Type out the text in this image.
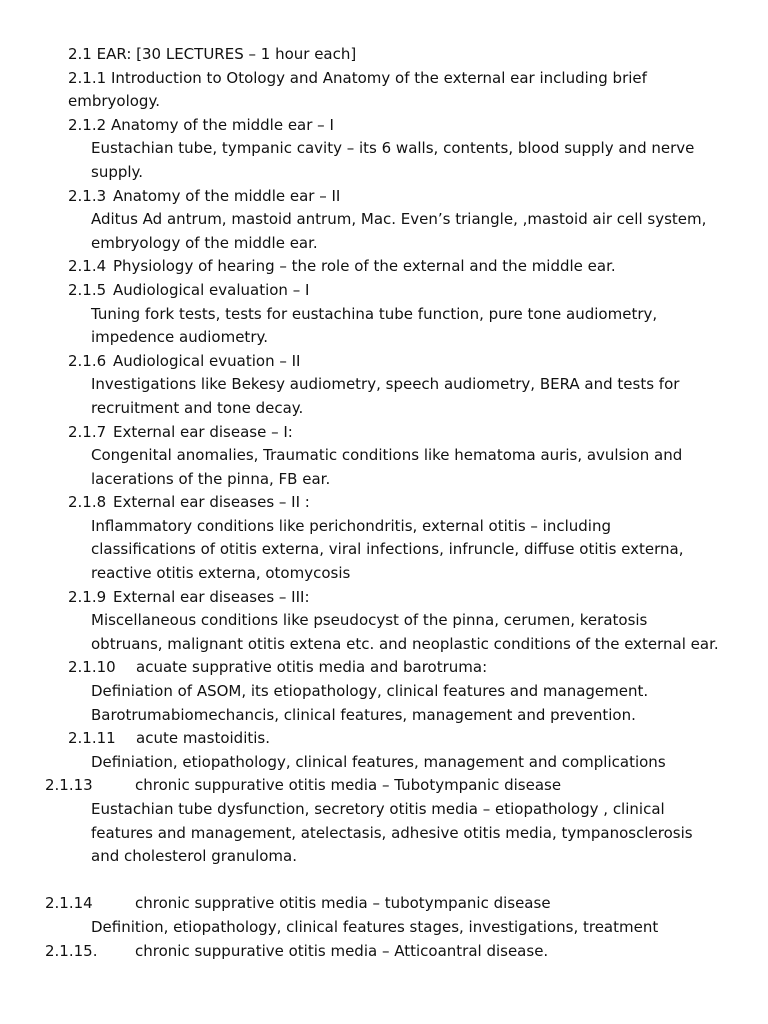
2.1 EAR: [30 LECTURES – 1 hour each]
2.1.1 Introduction to Otology and Anatomy of the external ear including brief
embryology.
2.1.2 Anatomy of the middle ear – I
Eustachian tube, tympanic cavity – its 6 walls, contents, blood supply and nerve
supply.
2.1.3 Anatomy of the middle ear – II
Aditus Ad antrum, mastoid antrum, Mac. Even’s triangle, ,mastoid air cell system,
embryology of the middle ear.
2.1.4 Physiology of hearing – the role of the external and the middle ear.
2.1.5 Audiological evaluation – I
Tuning fork tests, tests for eustachina tube function, pure tone audiometry,
impedence audiometry.
2.1.6 Audiological evuation – II
Investigations like Bekesy audiometry, speech audiometry, BERA and tests for
recruitment and tone decay.
2.1.7 External ear disease – I:
Congenital anomalies, Traumatic conditions like hematoma auris, avulsion and
lacerations of the pinna, FB ear.
2.1.8 External ear diseases – II :
Inflammatory conditions like perichondritis, external otitis – including
classifications of otitis externa, viral infections, infruncle, diffuse otitis externa,
reactive otitis externa, otomycosis
2.1.9 External ear diseases – III:
Miscellaneous conditions like pseudocyst of the pinna, cerumen, keratosis
obtruans, malignant otitis extena etc. and neoplastic conditions of the external ear.
2.1.10 acuate supprative otitis media and barotruma:
Definiation of ASOM, its etiopathology, clinical features and management.
Barotrumabiomechancis, clinical features, management and prevention.
2.1.11 acute mastoiditis.
Definiation, etiopathology, clinical features, management and complications
2.1.13	chronic suppurative otitis media – Tubotympanic disease
Eustachian tube dysfunction, secretory otitis media – etiopathology , clinical
features and management, atelectasis, adhesive otitis media, tympanosclerosis
and cholesterol granuloma.
2.1.14	chronic supprative otitis media – tubotympanic disease
Definition, etiopathology, clinical features stages, investigations, treatment
2.1.15.	chronic suppurative otitis media – Atticoantral disease.
